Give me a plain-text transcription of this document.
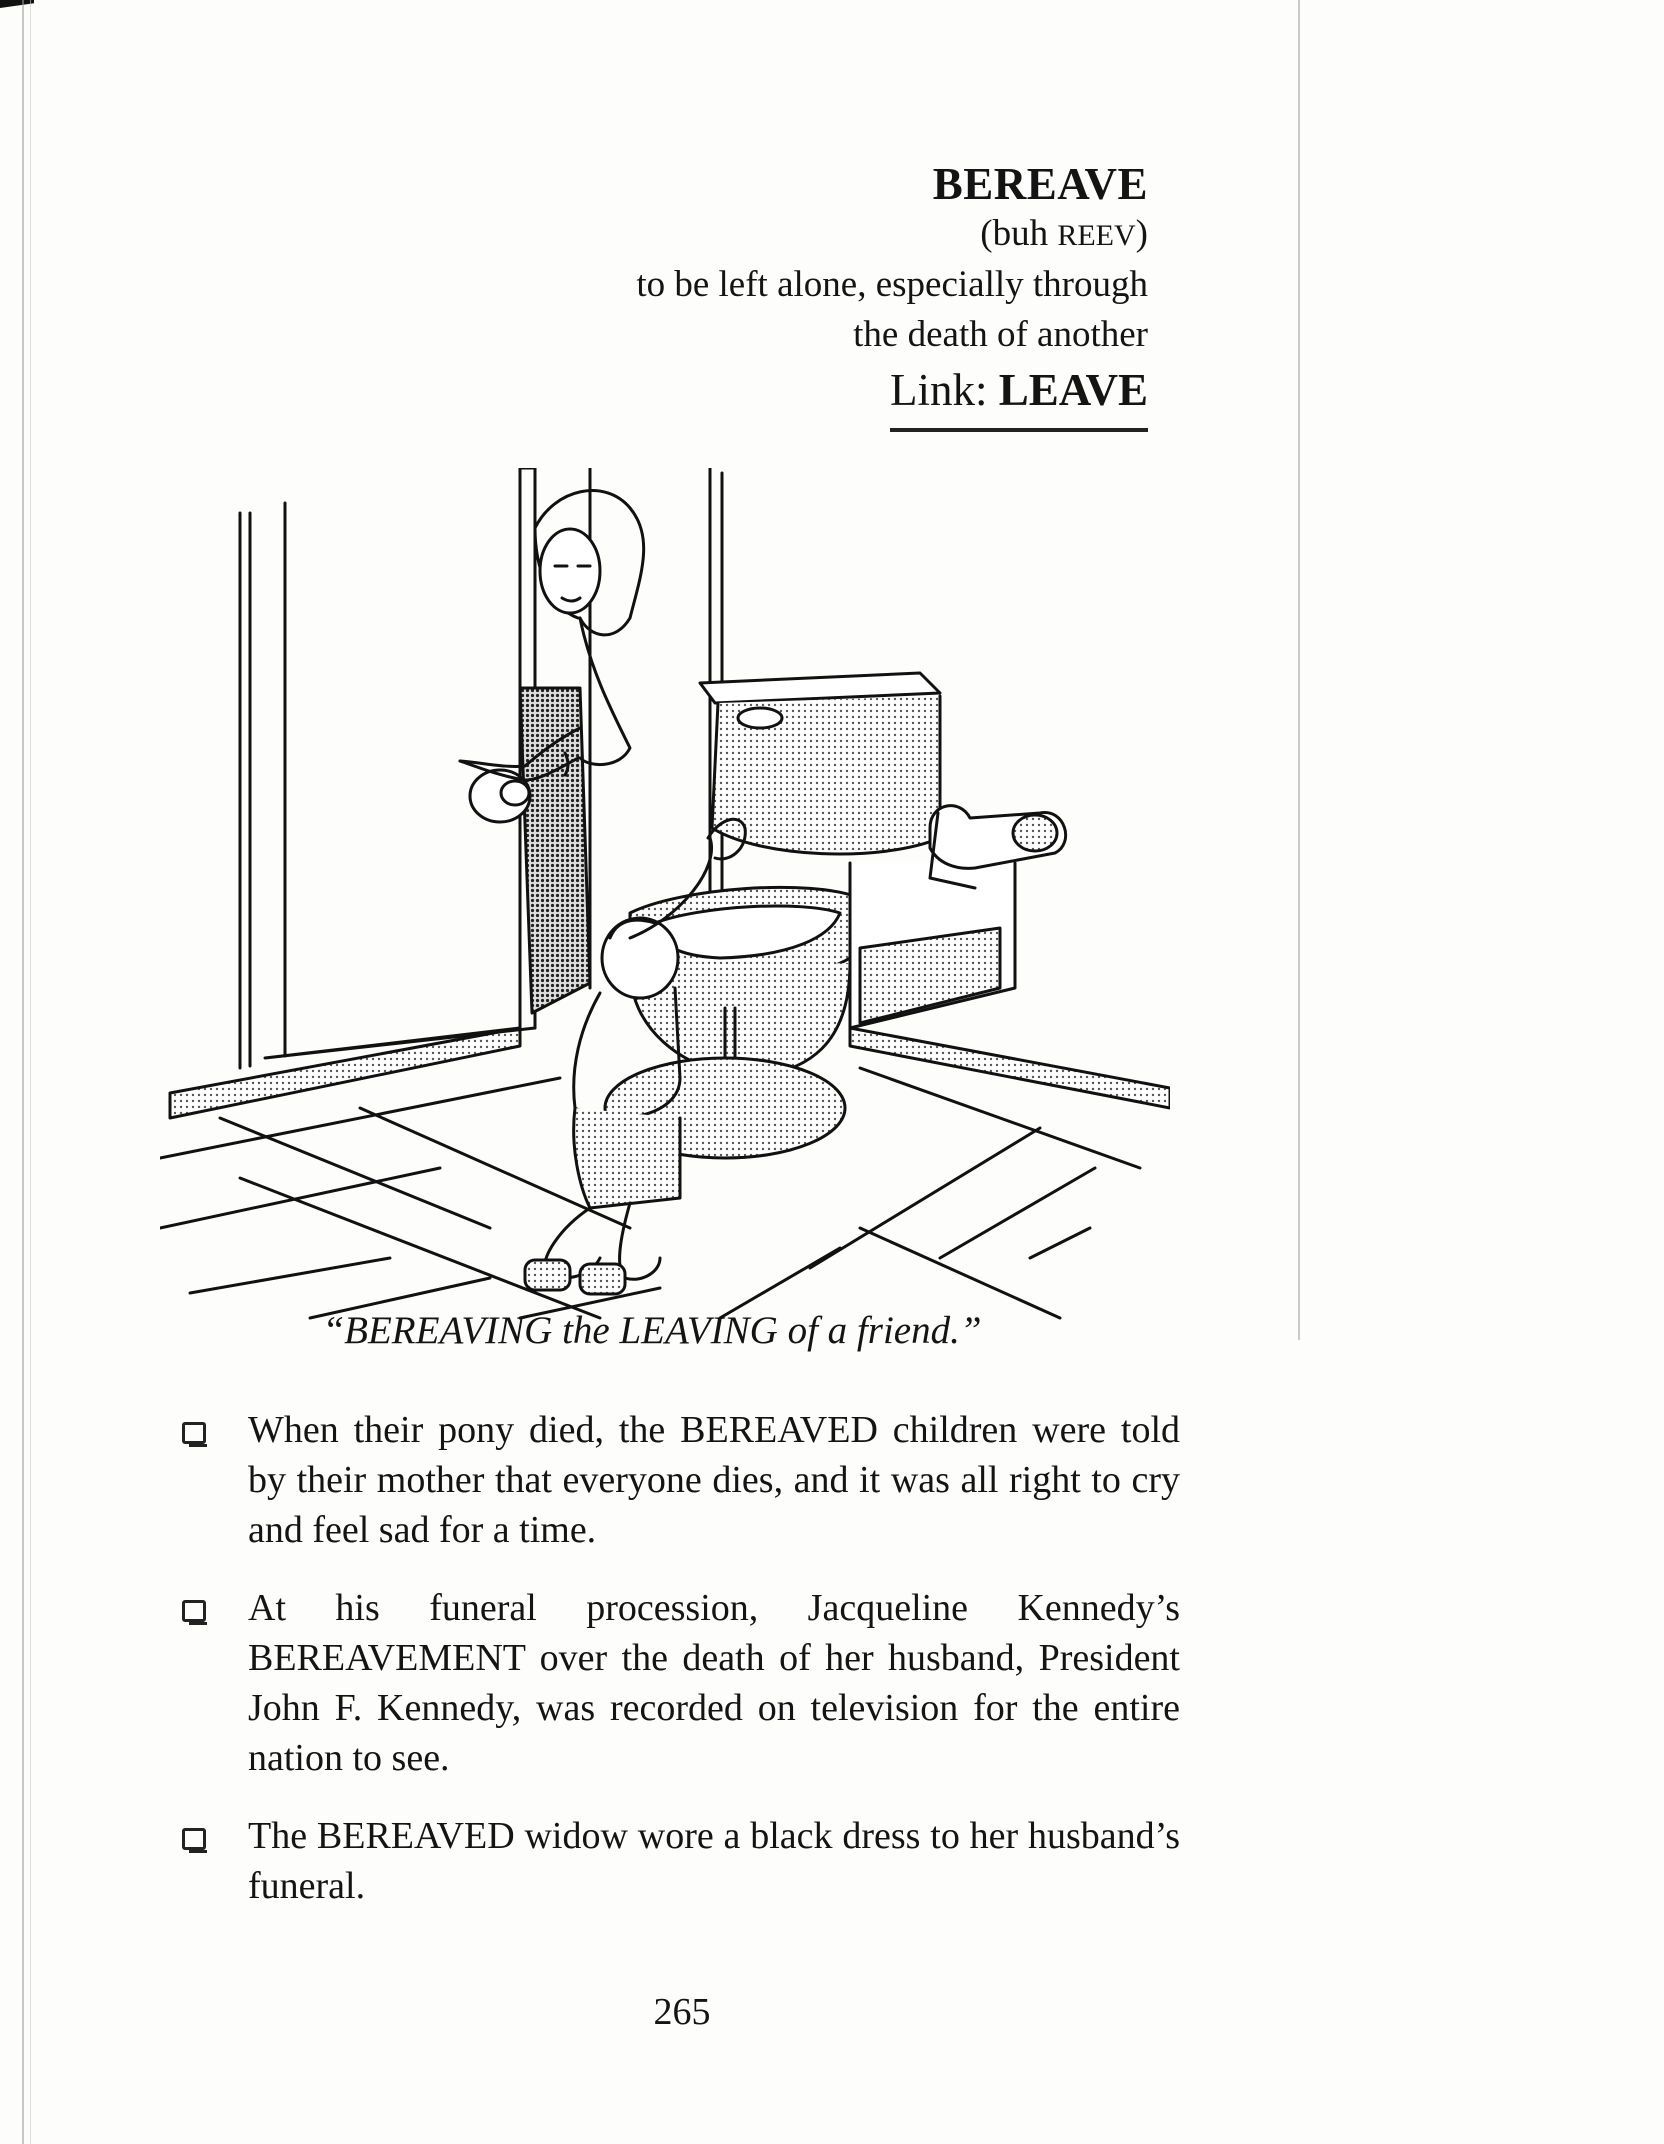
BEREAVE
(buh REEV)
to be left alone, especially through
the death of another
Link: LEAVE
“BEREAVING the LEAVING of a friend.”
When their pony died, the BEREAVED children were told by their mother that everyone dies, and it was all right to cry and feel sad for a time.
At his funeral procession, Jacqueline Kennedy’s BEREAVEMENT over the death of her husband, President John F. Kennedy, was recorded on television for the entire nation to see.
The BEREAVED widow wore a black dress to her husband’s funeral.
265
